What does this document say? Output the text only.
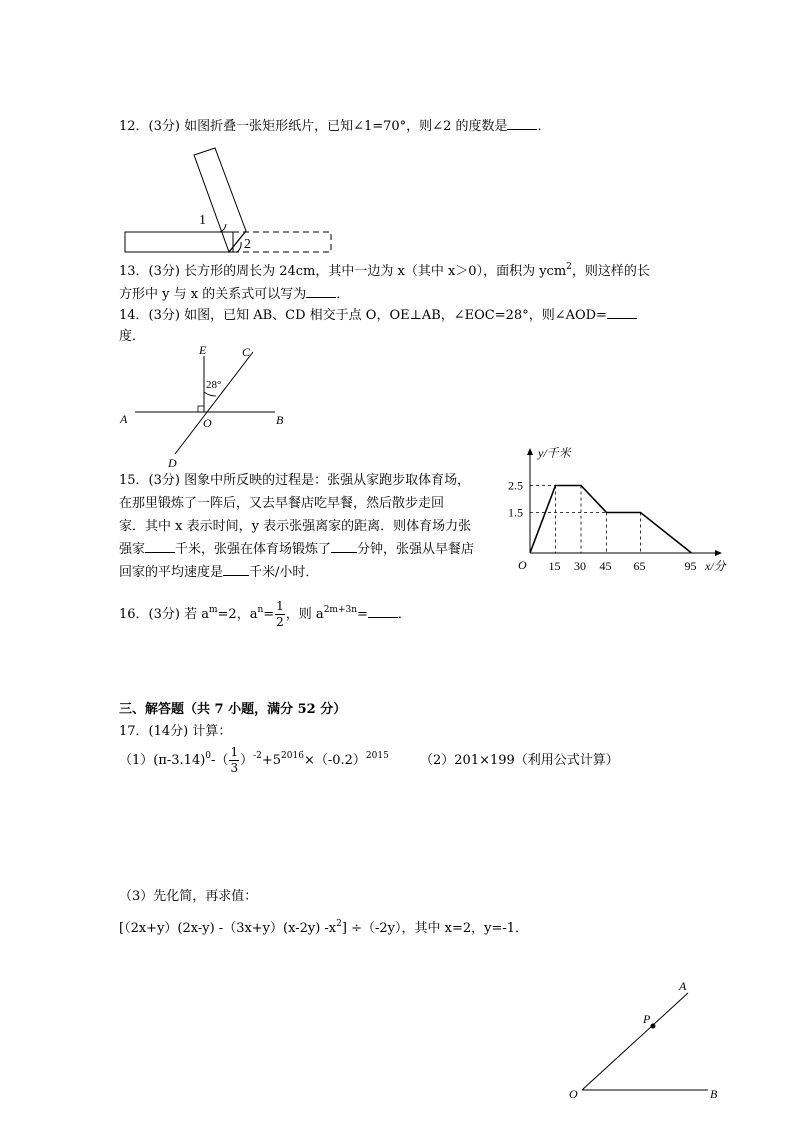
12．(3分) 如图折叠一张矩形纸片，已知∠1=70°，则∠2 的度数是 ．
1
2
13．(3分) 长方形的周长为 24cm，其中一边为 x（其中 x＞0），面积为 ycm$^2$，则这样的长
方形中 y 与 x 的关系式可以写为 ．
14．(3分) 如图，已知 AB、CD 相交于点 O，OE⊥AB，∠EOC=28°，则∠AOD=
度．
E	C
A	O	B
D
28°
15．(3分) 图象中所反映的过程是：张强从家跑步取体育场，
在那里锻炼了一阵后，又去早餐店吃早餐，然后散步走回
家．其中 x 表示时间，y 表示张强离家的距离．则体育场力张
强家 千米，张强在体育场锻炼了 分钟，张强从早餐店
回家的平均速度是 千米/小时．
2.5
1.5
15 30 45 65	95
O
y/千米
x/分
16．(3分) 若 $a^m=2$，$a^n= \frac{1}{2}$ ，则 $a^{2m+3n}=$ ．
三、解答题（共 7 小题，满分 52 分）
17．(14分) 计算：
$(1)(\pi-3.14)^0-( \frac{1}{3} )^{-2}+5^{2016}\times(-0.2)^{2015}$ （2）201×199（利用公式计算）
（3）先化简，再求值：
[（2x+y）(2x-y) -（3x+y）(x-2y) $-x^2] \div(-2y)$，其中 x=2，y=-1．
A
P
O	B
